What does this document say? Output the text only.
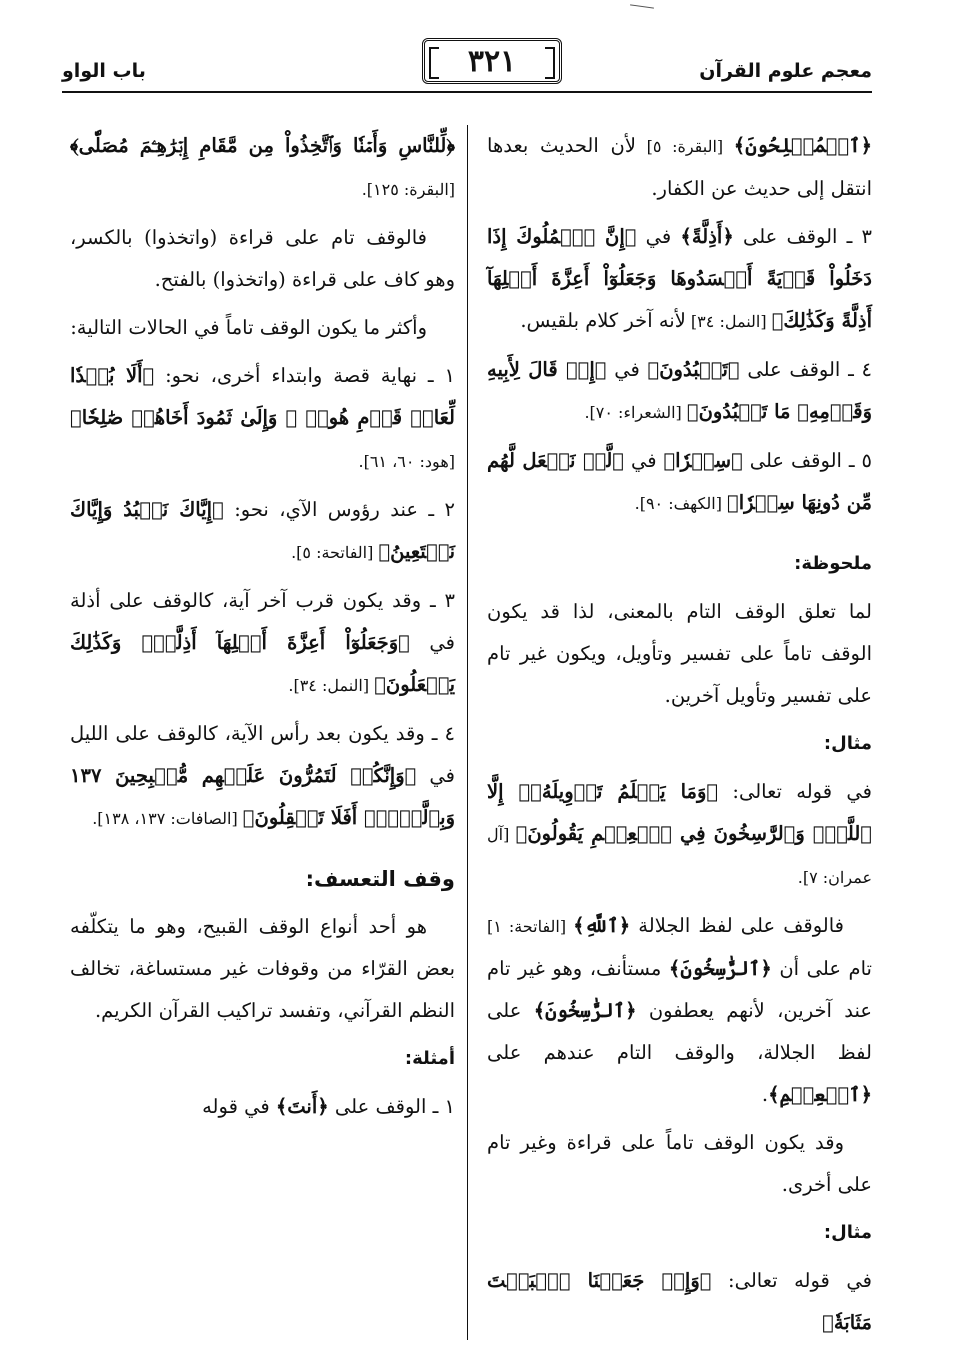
معجم علوم القرآن
٣٢١
باب الواو

﴿ٱلۡمُفۡلِحُونَ﴾ [البقرة: ٥] لأن الحديث بعدها انتقل إلى حديث عن الكفار.

٣ ـ الوقف على ﴿أَذِلَّةً﴾ في ﴿إِنَّ ٱلۡمُلُوكَ إِذَا دَخَلُواْ قَرۡيَةً أَفۡسَدُوهَا وَجَعَلُوٓاْ أَعِزَّةَ أَهۡلِهَآ أَذِلَّةً وَكَذَٰلِكَ﴾ [النمل: ٣٤] لأنه آخر كلام بلقيس.

٤ ـ الوقف على ﴿تَعۡبُدُونَ﴾ في ﴿إِذۡ قَالَ لِأَبِيهِ وَقَوۡمِهِۦ مَا تَعۡبُدُونَ﴾ [الشعراء: ٧٠].

٥ ـ الوقف على ﴿سِتۡرٗا﴾ في ﴿لَّمۡ نَجۡعَل لَّهُم مِّن دُونِهَا سِتۡرٗا﴾ [الكهف: ٩٠].

ملحوظة:

لما تعلق الوقف التام بالمعنى، لذا قد يكون الوقف تاماً على تفسير وتأويل، ويكون غير تام على تفسير وتأويل آخرين.

مثال:

في قوله تعالى: ﴿وَمَا يَعۡلَمُ تَأۡوِيلَهُۥٓ إِلَّا ٱللَّهُۗ وَٱلرَّٰسِخُونَ فِي ٱلۡعِلۡمِ يَقُولُونَ﴾ [آل عمران: ٧].

فالوقف على لفظ الجلالة ﴿ٱللَّهِ﴾ [الفاتحة: ١] تام على أن ﴿ٱلرَّٰسِخُونَ﴾ مستأنف، وهو غير تام عند آخرين، لأنهم يعطفون ﴿ٱلرَّٰسِخُونَ﴾ على لفظ الجلالة، والوقف التام عندهم على ﴿ٱلۡعِلۡمِ﴾.

وقد يكون الوقف تاماً على قراءة وغير تام على أخرى.

مثال:

في قوله تعالى: ﴿وَإِذۡ جَعَلۡنَا ٱلۡبَيۡتَ مَثَابَةٗ﴾

﴿لِّلنَّاسِ وَأَمۡنٗا وَٱتَّخِذُواْ مِن مَّقَامِ إِبۡرَٰهِـۧمَ مُصَلّٗى﴾ [البقرة: ١٢٥].

فالوقف تام على قراءة (واتخذوا) بالكسر، وهو كاف على قراءة (واتخذوا) بالفتح.

وأكثر ما يكون الوقف تاماً في الحالات التالية:

١ ـ نهاية قصة وابتداء أخرى، نحو: ﴿أَلَا بُعۡدٗا لِّعَادٖ قَوۡمِ هُودٖ ۞ وَإِلَىٰ ثَمُودَ أَخَاهُمۡ صَٰلِحٗا﴾ [هود: ٦٠، ٦١].

٢ ـ عند رؤوس الآي، نحو: ﴿إِيَّاكَ نَعۡبُدُ وَإِيَّاكَ نَسۡتَعِينُ﴾ [الفاتحة: ٥].

٣ ـ وقد يكون قرب آخر آية، كالوقف على أذلة في ﴿وَجَعَلُوٓاْ أَعِزَّةَ أَهۡلِهَآ أَذِلَّةٗۚ وَكَذَٰلِكَ يَفۡعَلُونَ﴾ [النمل: ٣٤].

٤ ـ وقد يكون بعد رأس الآية، كالوقف على الليل في ﴿وَإِنَّكُمۡ لَتَمُرُّونَ عَلَيۡهِم مُّصۡبِحِينَ ١٣٧ وَبِٱلَّيۡلِۚ أَفَلَا تَعۡقِلُونَ﴾ [الصافات: ١٣٧، ١٣٨].

وقف التعسف:

هو أحد أنواع الوقف القبيح، وهو ما يتكلّفه بعض القرّاء من وقوفات غير مستساغة، تخالف النظم القرآني، وتفسد تراكيب القرآن الكريم.

أمثلة:

١ ـ الوقف على ﴿أَنتَ﴾ في قوله
